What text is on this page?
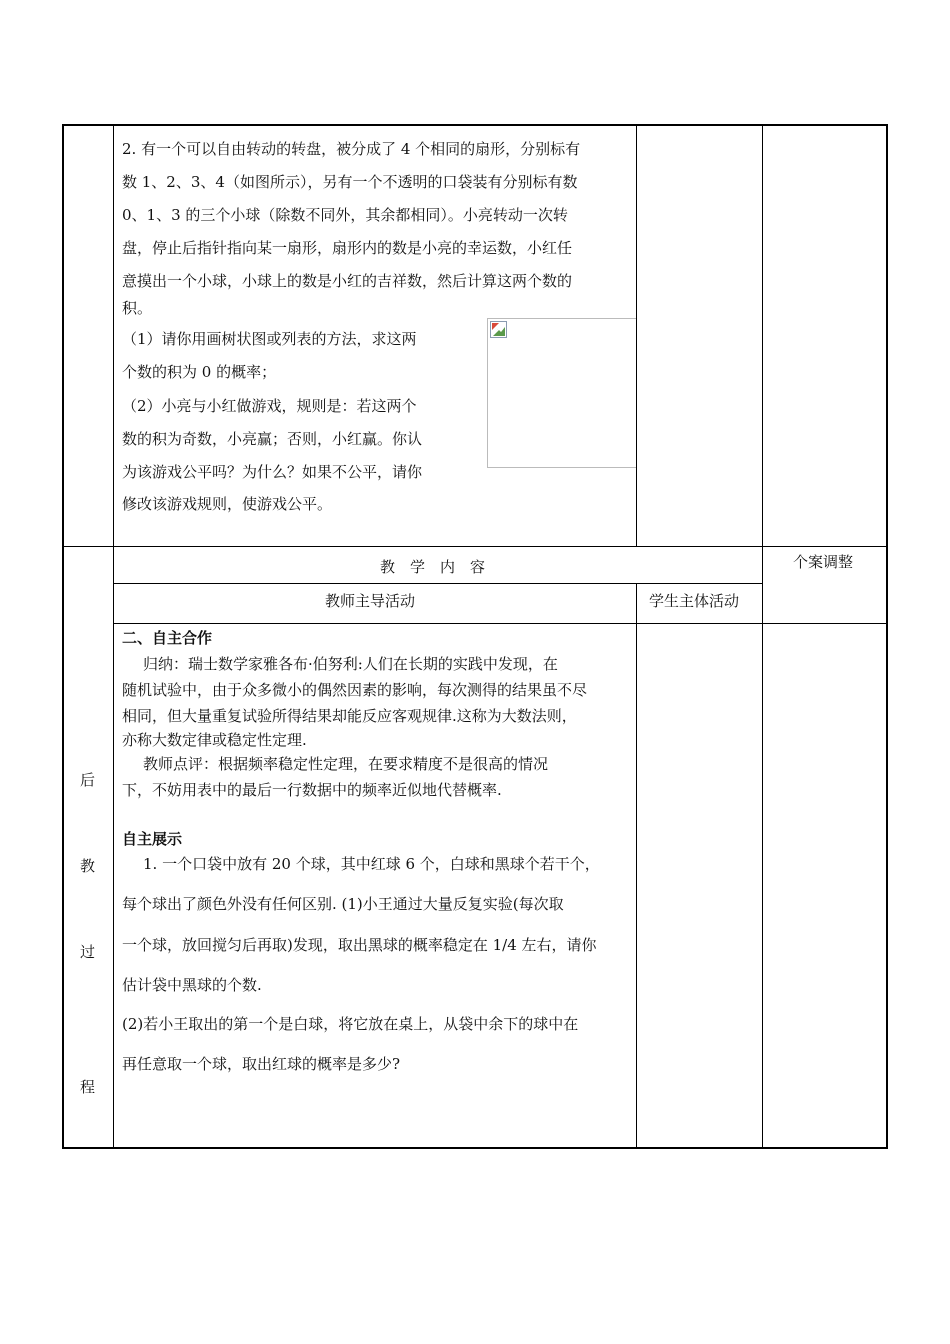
2. 有一个可以自由转动的转盘，被分成了 4 个相同的扇形，分别标有
数 1、2、3、4（如图所示），另有一个不透明的口袋装有分别标有数
0、1、3 的三个小球（除数不同外，其余都相同）。小亮转动一次转
盘，停止后指针指向某一扇形，扇形内的数是小亮的幸运数，小红任
意摸出一个小球，小球上的数是小红的吉祥数，然后计算这两个数的
积。
（1）请你用画树状图或列表的方法，求这两
个数的积为 0 的概率；
（2）小亮与小红做游戏，规则是：若这两个
数的积为奇数，小亮赢；否则，小红赢。你认
为该游戏公平吗？为什么？如果不公平，请你
修改该游戏规则，使游戏公平。
后
教
过
程
教　学　内　容	个案调整
教师主导活动	学生主体活动
二、自主合作
归纳：瑞士数学家雅各布·伯努利:人们在长期的实践中发现，在
随机试验中，由于众多微小的偶然因素的影响，每次测得的结果虽不尽
相同，但大量重复试验所得结果却能反应客观规律.这称为大数法则，
亦称大数定律或稳定性定理.
教师点评：根据频率稳定性定理，在要求精度不是很高的情况
下，不妨用表中的最后一行数据中的频率近似地代替概率.
自主展示
1. 一个口袋中放有 20 个球，其中红球 6 个，白球和黑球个若干个，
每个球出了颜色外没有任何区别. (1)小王通过大量反复实验(每次取
一个球，放回搅匀后再取)发现，取出黑球的概率稳定在 1/4 左右，请你
估计袋中黑球的个数.
(2)若小王取出的第一个是白球，将它放在桌上，从袋中余下的球中在
再任意取一个球，取出红球的概率是多少?
